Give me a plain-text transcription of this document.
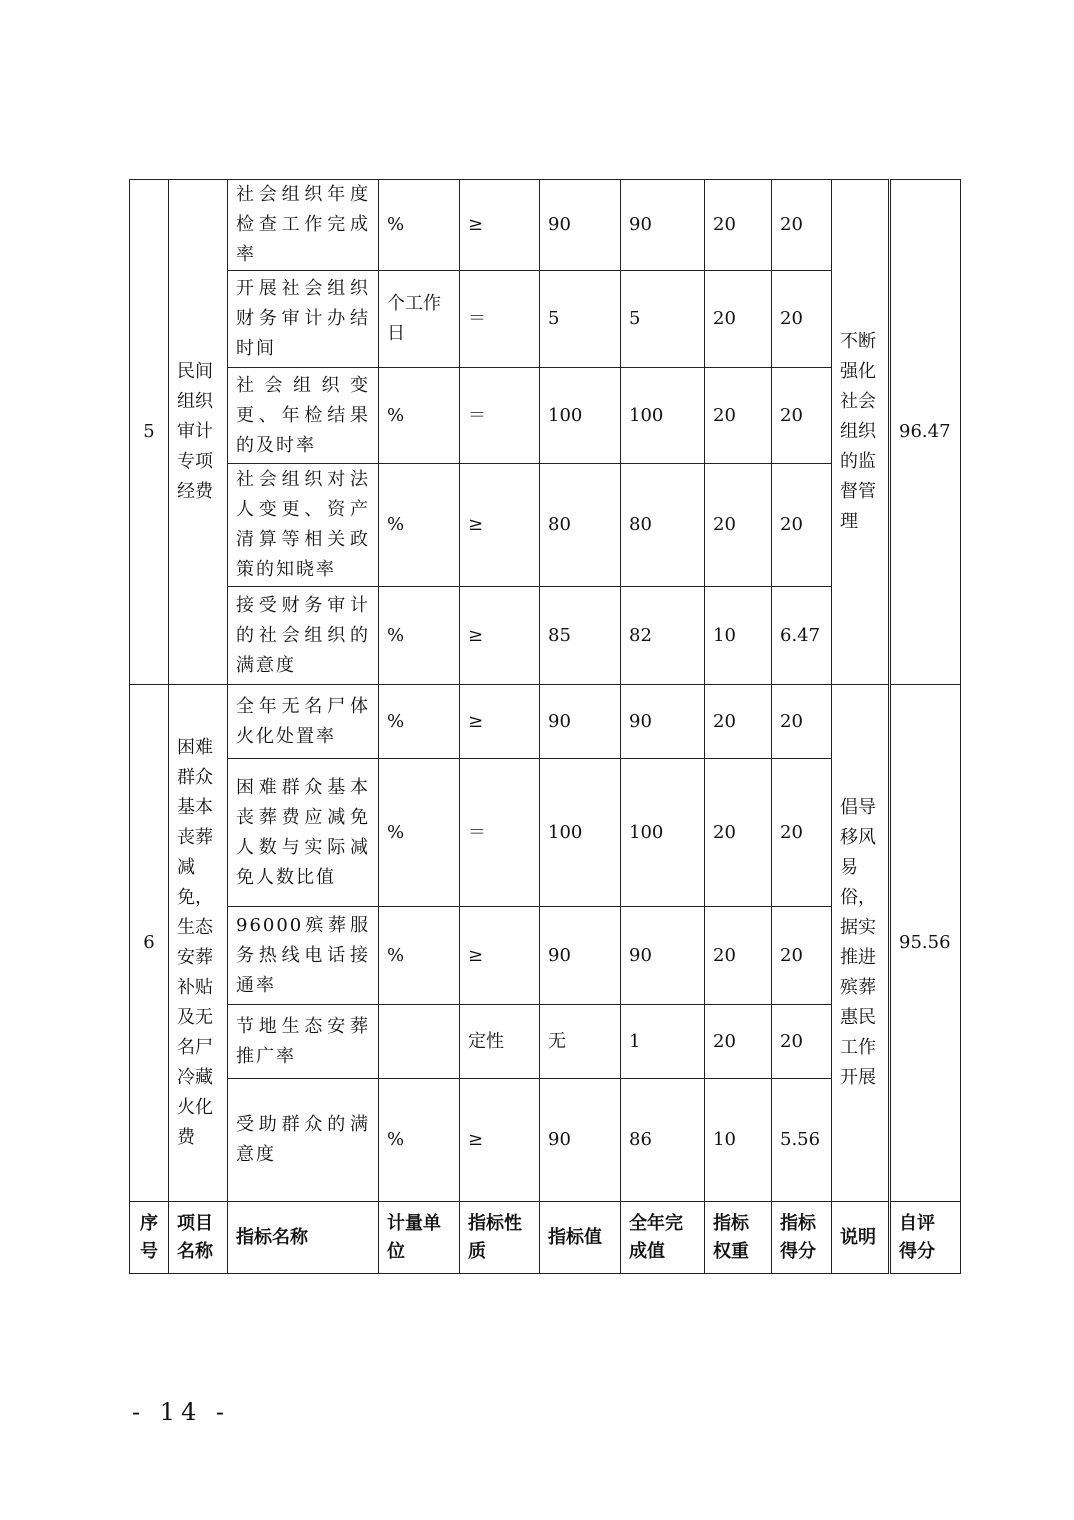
5	民间组织审计专项经费	社会组织年度检查工作完成率	%	≥	90	90	20	20	不断强化社会组织的监督管理		96.47
		开展社会组织财务审计办结时间	个工作日	＝	5	5	20	20			
		社会组织变更、年检结果的及时率	%	＝	100	100	20	20			
		社会组织对法人变更、资产清算等相关政策的知晓率	%	≥	80	80	20	20			
		接受财务审计的社会组织的满意度	%	≥	85	82	10	6.47			
6	困难群众基本丧葬减免，生态安葬补贴及无名尸冷藏火化费	全年无名尸体火化处置率	%	≥	90	90	20	20	倡导移风易俗，据实推进殡葬惠民工作开展		95.56
		困难群众基本丧葬费应减免人数与实际减免人数比值	%	＝	100	100	20	20			
		96000殡葬服务热线电话接通率	%	≥	90	90	20	20			
		节地生态安葬推广率		定性	无	1	20	20			
		受助群众的满意度	%	≥	90	86	10	5.56			
序号	项目名称	指标名称	计量单位	指标性质	指标值	全年完成值	指标权重	指标得分	说明		自评得分
- 14 -
